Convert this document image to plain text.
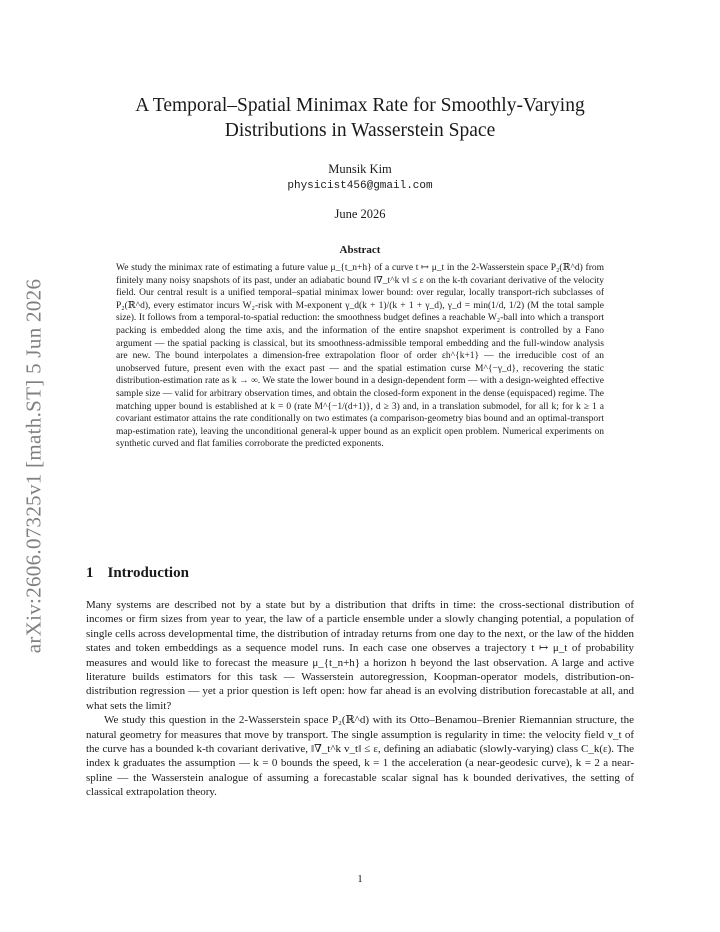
arXiv:2606.07325v1 [math.ST] 5 Jun 2026
A Temporal–Spatial Minimax Rate for Smoothly-Varying Distributions in Wasserstein Space
Munsik Kim
physicist456@gmail.com
June 2026
Abstract

We study the minimax rate of estimating a future value μ_{t_n+h} of a curve t ↦ μ_t in the 2-Wasserstein space P₂(ℝ^d) from finitely many noisy snapshots of its past, under an adiabatic bound ‖∇_t^k v‖ ≤ ε on the k-th covariant derivative of the velocity field. Our central result is a unified temporal–spatial minimax lower bound: over regular, locally transport-rich subclasses of P₂(ℝ^d), every estimator incurs W₂-risk with M-exponent γ_d(k + 1)/(k + 1 + γ_d), γ_d = min(1/d, 1/2) (M the total sample size). It follows from a temporal-to-spatial reduction: the smoothness budget defines a reachable W₂-ball into which a transport packing is embedded along the time axis, and the information of the entire snapshot experiment is controlled by a Fano argument — the spatial packing is classical, but its smoothness-admissible temporal embedding and the full-window analysis are new. The bound interpolates a dimension-free extrapolation floor of order εh^{k+1} — the irreducible cost of an unobserved future, present even with the exact past — and the spatial estimation curse M^{−γ_d}, recovering the static distribution-estimation rate as k → ∞. We state the lower bound in a design-dependent form — with a design-weighted effective sample size — valid for arbitrary observation times, and obtain the closed-form exponent in the dense (equispaced) regime. The matching upper bound is established at k = 0 (rate M^{−1/(d+1)}, d ≥ 3) and, in a translation submodel, for all k; for k ≥ 1 a covariant estimator attains the rate conditionally on two estimates (a comparison-geometry bias bound and an optimal-transport map-estimation rate), leaving the unconditional general-k upper bound as an explicit open problem. Numerical experiments on synthetic curved and flat families corroborate the predicted exponents.

1 Introduction

Many systems are described not by a state but by a distribution that drifts in time: the cross-sectional distribution of incomes or firm sizes from year to year, the law of a particle ensemble under a slowly changing potential, a population of single cells across developmental time, the distribution of intraday returns from one day to the next, or the law of the hidden states and token embeddings as a sequence model runs. In each case one observes a trajectory t ↦ μ_t of probability measures and would like to forecast the measure μ_{t_n+h} a horizon h beyond the last observation. A large and active literature builds estimators for this task — Wasserstein autoregression, Koopman-operator models, distribution-on-distribution regression — yet a prior question is left open: how far ahead is an evolving distribution forecastable at all, and what sets the limit?

We study this question in the 2-Wasserstein space P₂(ℝ^d) with its Otto–Benamou–Brenier Riemannian structure, the natural geometry for measures that move by transport. The single assumption is regularity in time: the velocity field v_t of the curve has a bounded k-th covariant derivative, ‖∇_t^k v_t‖ ≤ ε, defining an adiabatic (slowly-varying) class C_k(ε). The index k graduates the assumption — k = 0 bounds the speed, k = 1 the acceleration (a near-geodesic curve), k = 2 a near-spline — the Wasserstein analogue of assuming a forecastable scalar signal has k bounded derivatives, the setting of classical extrapolation theory.

1
